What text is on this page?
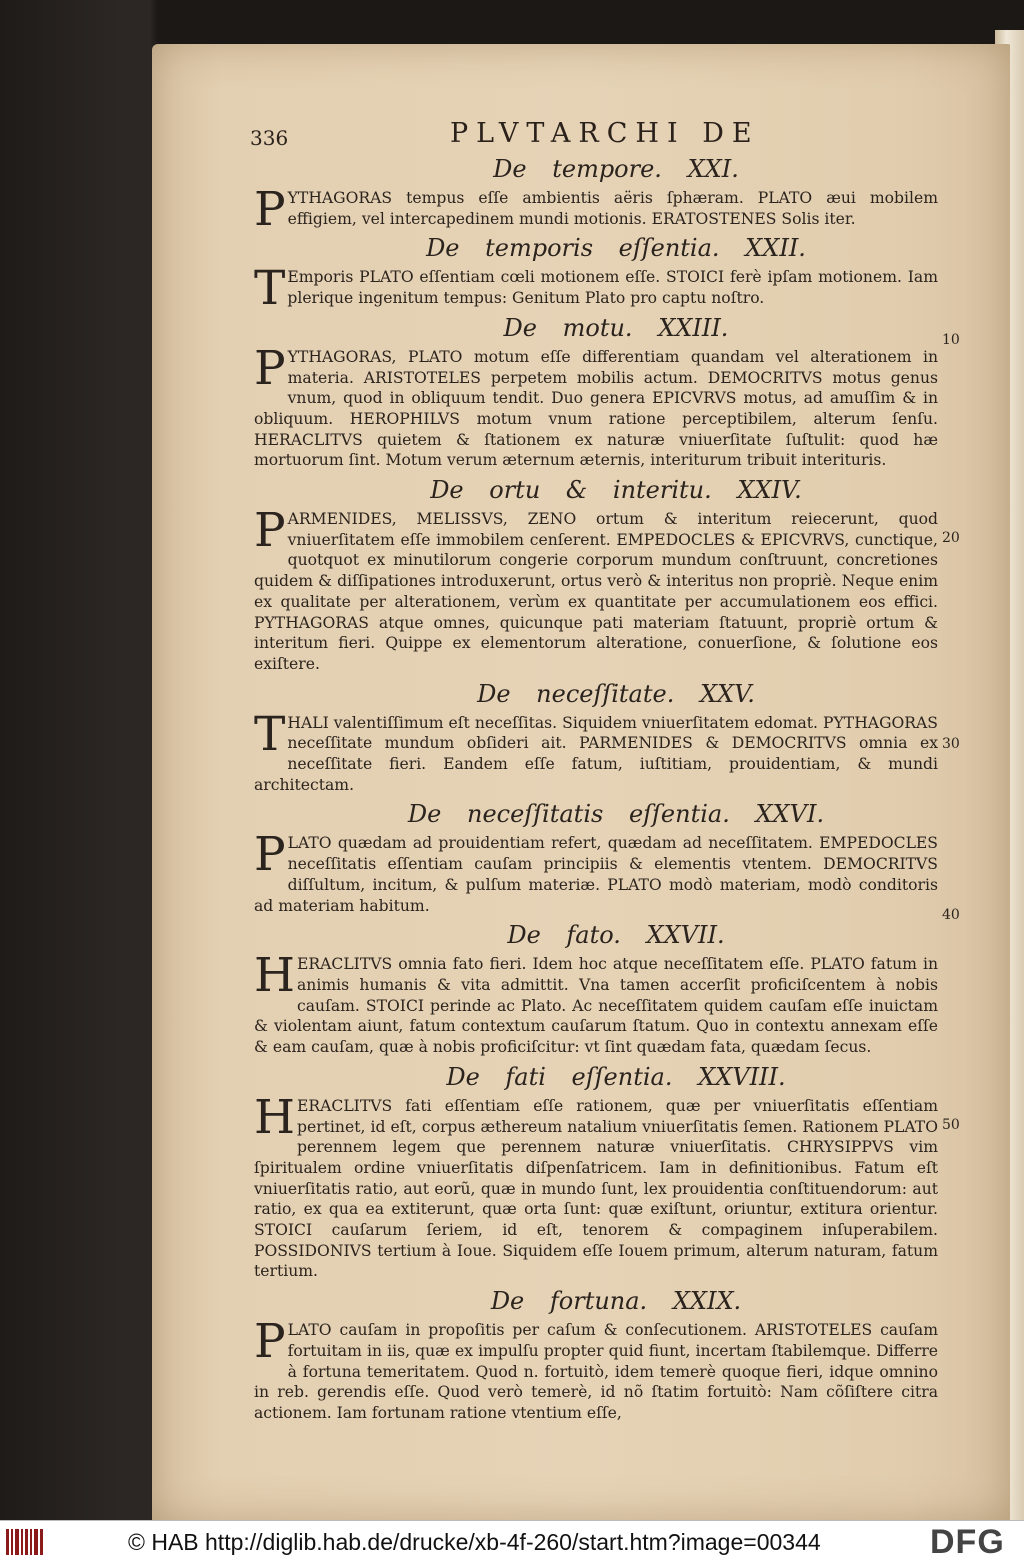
336	PLVTARCHI DE
De tempore. XXI.

PYTHAGORAS tempus eſſe ambientis aëris ſphæram. PLATO æui mobilem effigiem, vel intercapedinem mundi motionis. ERATOSTENES Solis iter.

De temporis eſſentia. XXII.

T Emporis PLATO eſſentiam cœli motionem eſſe. STOICI ferè ipſam motionem. Iam plerique ingenitum tempus: Genitum Plato pro captu noſtro.

De motu. XXIII.

PYTHAGORAS, PLATO motum eſſe differentiam quandam vel alterationem in materia. ARISTOTELES perpetem mobilis actum. DEMOCRITVS motus genus vnum, quod in obliquum tendit. Duo genera EPICVRVS motus, ad amuſſim & in obliquum. HEROPHILVS motum vnum ratione perceptibilem, alterum ſenſu. HERACLITVS quietem & ſtationem ex naturæ vniuerſitate ſuſtulit: quod hæ mortuorum ſint. Motum verum æternum æternis, interiturum tribuit interituris.

De ortu & interitu. XXIV.

PARMENIDES, MELISSVS, ZENO ortum & interitum reiecerunt, quod vniuerſitatem eſſe immobilem cenſerent. EMPEDOCLES & EPICVRVS, cunctique, quotquot ex minutilorum congerie corporum mundum conſtruunt, concretiones quidem & diſſipationes introduxerunt, ortus verò & interitus non propriè. Neque enim ex qualitate per alterationem, verùm ex quantitate per accumulationem eos effici. PYTHAGORAS atque omnes, quicunque pati materiam ſtatuunt, propriè ortum & interitum fieri. Quippe ex elementorum alteratione, conuerſione, & ſolutione eos exiſtere.

De neceſſitate. XXV.

THALI valentiſſimum eſt neceſſitas. Siquidem vniuerſitatem edomat. PYTHAGORAS neceſſitate mundum obſideri ait. PARMENIDES & DEMOCRITVS omnia ex neceſſitate fieri. Eandem eſſe fatum, iuſtitiam, prouidentiam, & mundi architectam.

De neceſſitatis eſſentia. XXVI.

PLATO quædam ad prouidentiam refert, quædam ad neceſſitatem. EMPEDOCLES neceſſitatis eſſentiam cauſam principiis & elementis vtentem. DEMOCRITVS diſſultum, incitum, & pulſum materiæ. PLATO modò materiam, modò conditoris ad materiam habitum.

De fato. XXVII.

HERACLITVS omnia fato fieri. Idem hoc atque neceſſitatem eſſe. PLATO fatum in animis humanis & vita admittit. Vna tamen accerſit proficiſcentem à nobis cauſam. STOICI perinde ac Plato. Ac neceſſitatem quidem cauſam eſſe inuictam & violentam aiunt, fatum contextum cauſarum ſtatum. Quo in contextu annexam eſſe & eam cauſam, quæ à nobis proficiſcitur: vt ſint quædam fata, quædam ſecus.

De fati eſſentia. XXVIII.

HERACLITVS fati eſſentiam eſſe rationem, quæ per vniuerſitatis eſſentiam pertinet, id eſt, corpus æthereum natalium vniuerſitatis ſemen. Rationem PLATO perennem legem que perennem naturæ vniuerſitatis. CHRYSIPPVS vim ſpiritualem ordine vniuerſitatis diſpenſatricem. Iam in definitionibus. Fatum eſt vniuerſitatis ratio, aut eorũ, quæ in mundo ſunt, lex prouidentia conſtituendorum: aut ratio, ex qua ea extiterunt, quæ orta ſunt: quæ exiſtunt, oriuntur, extitura orientur. STOICI cauſarum ſeriem, id eſt, tenorem & compaginem inſuperabilem. POSSIDONIVS tertium à Ioue. Siquidem eſſe Iouem primum, alterum naturam, fatum tertium.

De fortuna. XXIX.

PLATO cauſam in propoſitis per caſum & conſecutionem. ARISTOTELES cauſam fortuitam in iis, quæ ex impulſu propter quid fiunt, incertam ſtabilemque. Differre à fortuna temeritatem. Quod n. fortuitò, idem temerè quoque fieri, idque omnino in reb. gerendis eſſe. Quod verò temerè, id nõ ſtatim fortuitò: Nam cõſiſtere citra actionem. Iam fortunam ratione vtentium eſſe,

10
20
30
40
50
© HAB http://diglib.hab.de/drucke/xb-4f-260/start.htm?image=00344	DFG
